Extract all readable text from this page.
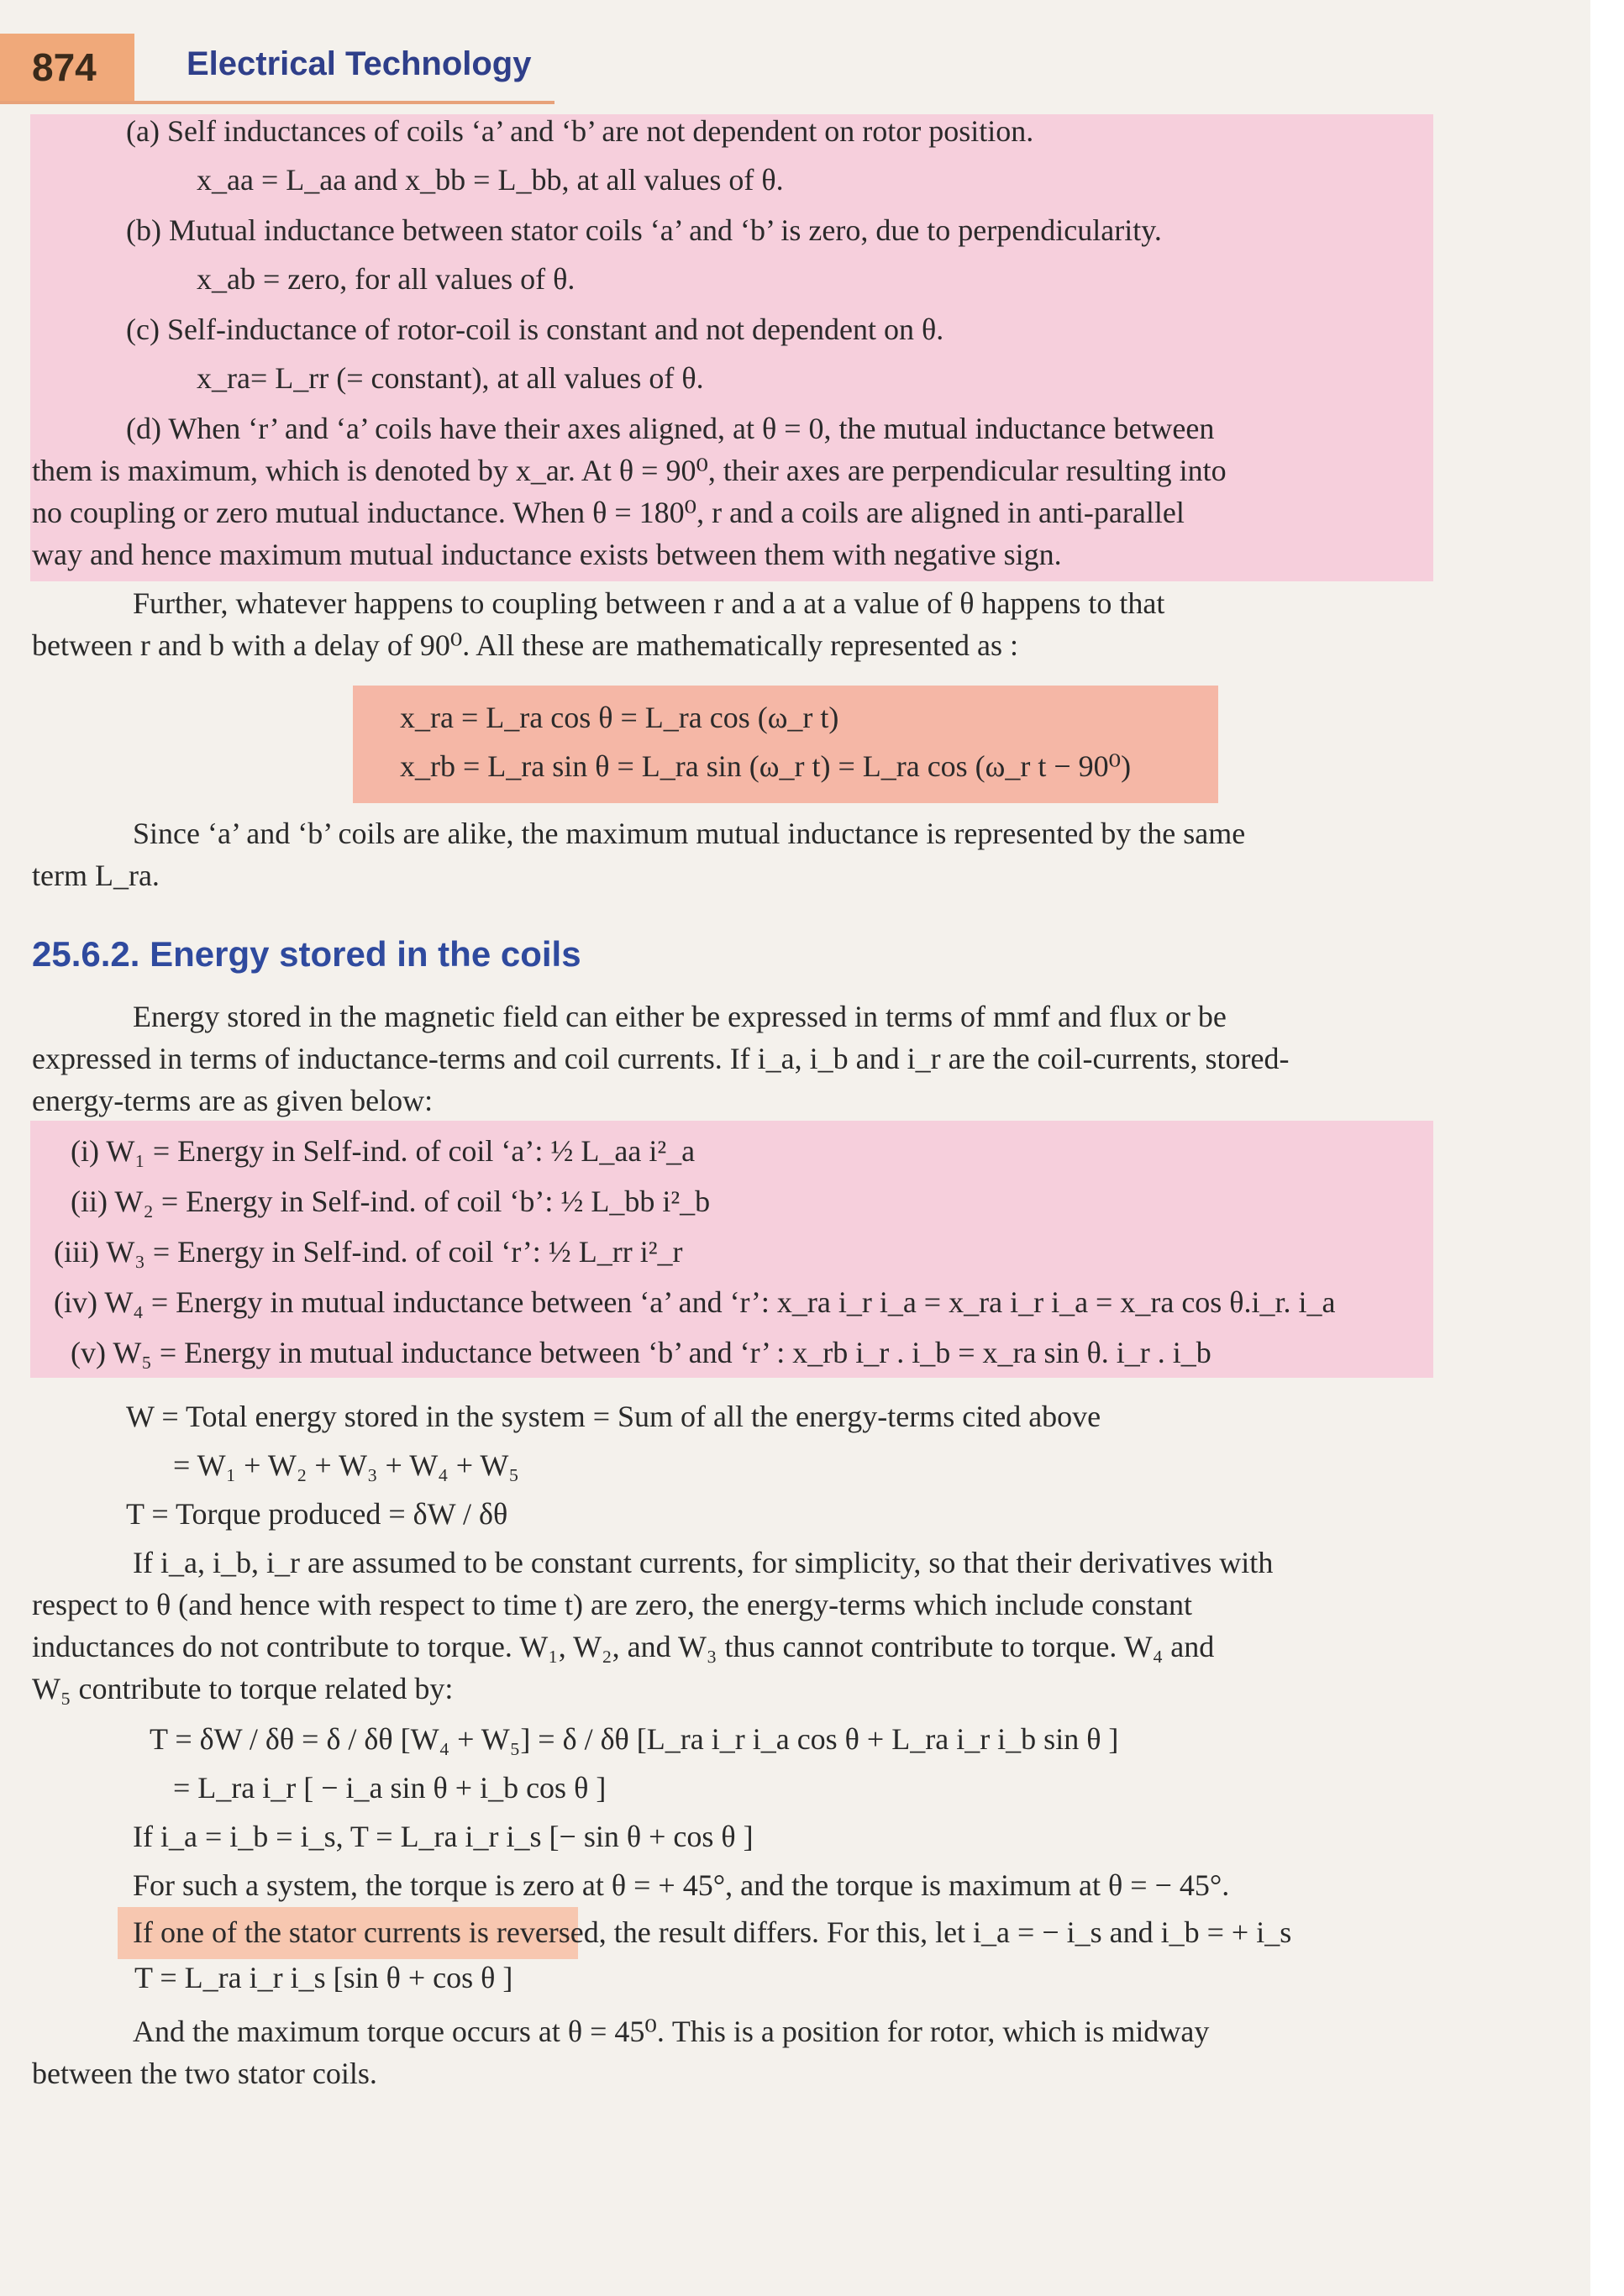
874	Electrical Technology
(a) Self inductances of coils ‘a’ and ‘b’ are not dependent on rotor position.
x_aa = L_aa and x_bb = L_bb, at all values of θ.
(b) Mutual inductance between stator coils ‘a’ and ‘b’ is zero, due to perpendicularity.
x_ab = zero, for all values of θ.
(c) Self-inductance of rotor-coil is constant and not dependent on θ.
x_ra= L_rr (= constant), at all values of θ.
(d) When ‘r’ and ‘a’ coils have their axes aligned, at θ = 0, the mutual inductance between
them is maximum, which is denoted by x_ar. At θ = 90⁰, their axes are perpendicular resulting into
no coupling or zero mutual inductance. When θ = 180⁰, r and a coils are aligned in anti-parallel
way and hence maximum mutual inductance exists between them with negative sign.
Further, whatever happens to coupling between r and a at a value of θ happens to that
between r and b with a delay of 90⁰. All these are mathematically represented as :
x_ra = L_ra cos θ = L_ra cos (ω_r t)
x_rb = L_ra sin θ = L_ra sin (ω_r t) = L_ra cos (ω_r t − 90⁰)
Since ‘a’ and ‘b’ coils are alike, the maximum mutual inductance is represented by the same
term L_ra.
25.6.2. Energy stored in the coils
Energy stored in the magnetic field can either be expressed in terms of mmf and flux or be
expressed in terms of inductance-terms and coil currents. If i_a, i_b and i_r are the coil-currents, stored-
energy-terms are as given below:
(i) W₁ = Energy in Self-ind. of coil ‘a’: ½ L_aa i²_a
(ii) W₂ = Energy in Self-ind. of coil ‘b’: ½ L_bb i²_b
(iii) W₃ = Energy in Self-ind. of coil ‘r’: ½ L_rr i²_r
(iv) W₄ = Energy in mutual inductance between ‘a’ and ‘r’: x_ra i_r i_a = x_ra i_r i_a = x_ra cos θ.i_r. i_a
(v) W₅ = Energy in mutual inductance between ‘b’ and ‘r’ : x_rb i_r . i_b = x_ra sin θ. i_r . i_b
W = Total energy stored in the system = Sum of all the energy-terms cited above
= W₁ + W₂ + W₃ + W₄ + W₅
T = Torque produced = δW / δθ
If i_a, i_b, i_r are assumed to be constant currents, for simplicity, so that their derivatives with
respect to θ (and hence with respect to time t) are zero, the energy-terms which include constant
inductances do not contribute to torque. W₁, W₂, and W₃ thus cannot contribute to torque. W₄ and
W₅ contribute to torque related by:
T = δW / δθ = δ / δθ [W₄ + W₅] = δ / δθ [L_ra i_r i_a cos θ + L_ra i_r i_b sin θ ]
= L_ra i_r [ − i_a sin θ + i_b cos θ ]
If i_a = i_b = i_s, T = L_ra i_r i_s [− sin θ + cos θ ]
For such a system, the torque is zero at θ = + 45°, and the torque is maximum at θ = − 45°.
If one of the stator currents is reversed, the result differs. For this, let i_a = − i_s and i_b = + i_s
T = L_ra i_r i_s [sin θ + cos θ ]
And the maximum torque occurs at θ = 45⁰. This is a position for rotor, which is midway
between the two stator coils.
